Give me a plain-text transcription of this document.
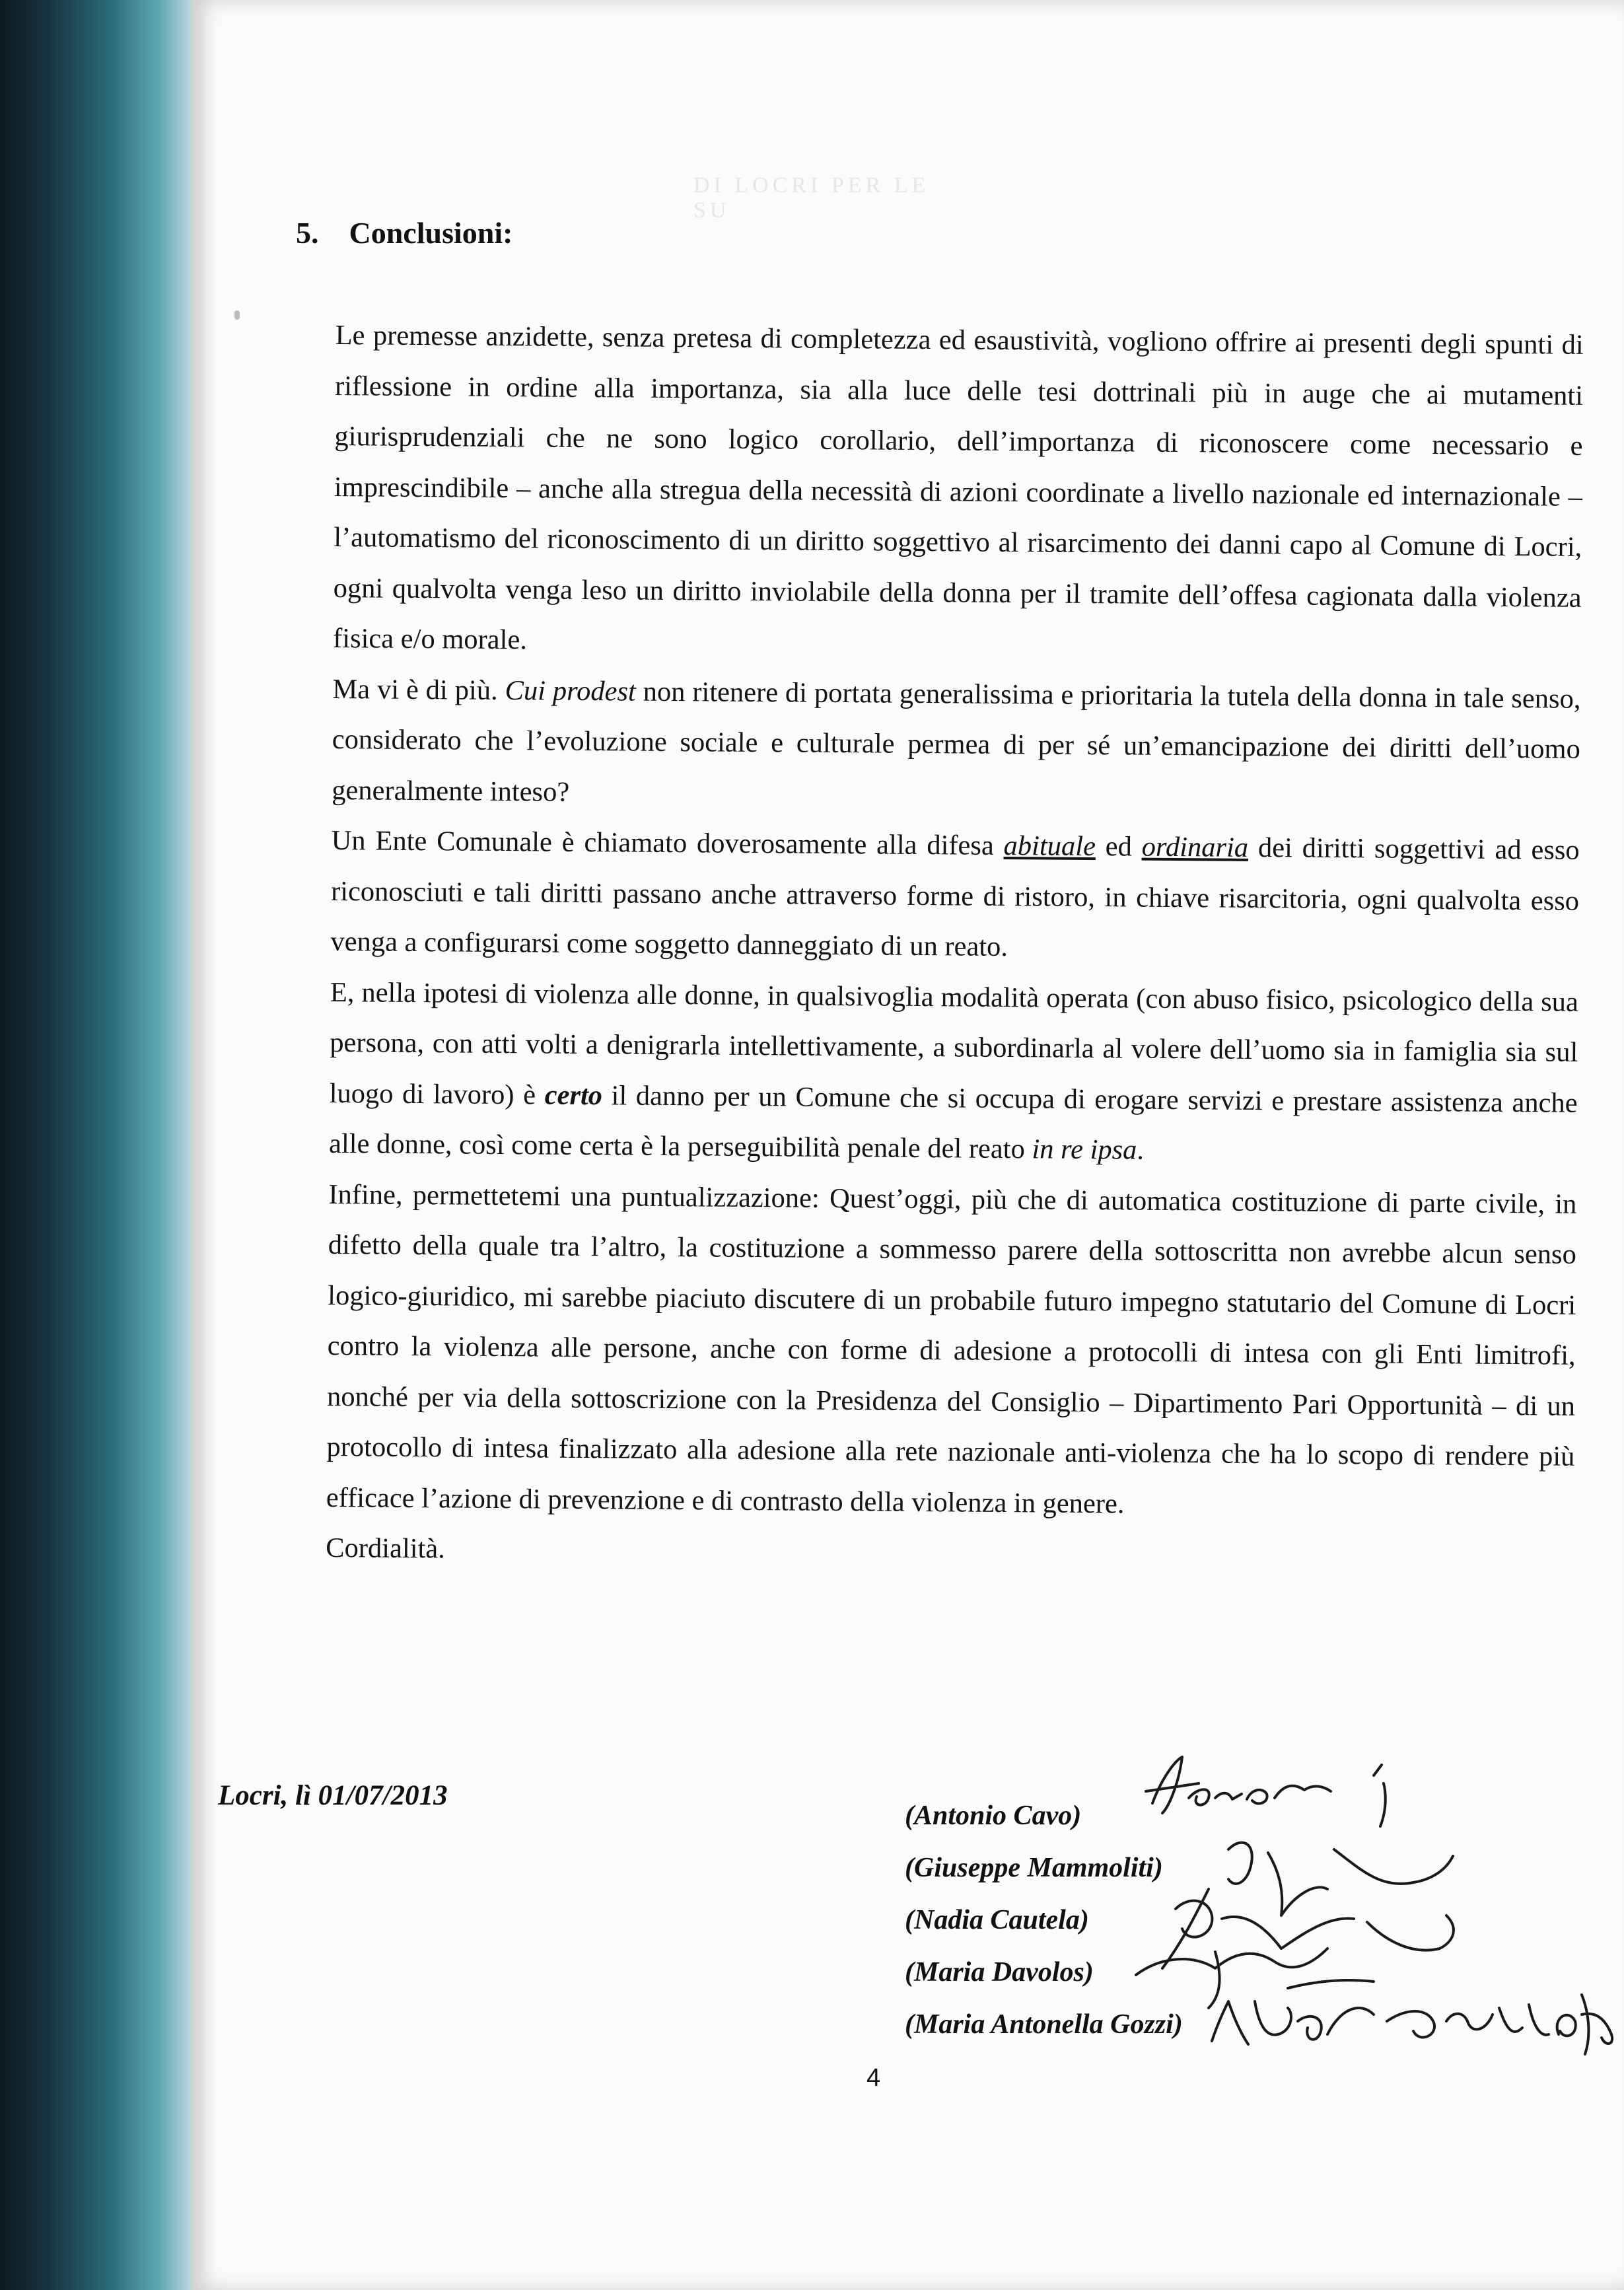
DI LOCRI PER LE SU
5. Conclusioni:

Le premesse anzidette, senza pretesa di completezza ed esaustività, vogliono offrire ai presenti degli spunti di riflessione in ordine alla importanza, sia alla luce delle tesi dottrinali più in auge che ai mutamenti giurisprudenziali che ne sono logico corollario, dell’importanza di riconoscere come necessario e imprescindibile – anche alla stregua della necessità di azioni coordinate a livello nazionale ed internazionale – l’automatismo del riconoscimento di un diritto soggettivo al risarcimento dei danni capo al Comune di Locri, ogni qualvolta venga leso un diritto inviolabile della donna per il tramite dell’offesa cagionata dalla violenza fisica e/o morale.

Ma vi è di più. Cui prodest non ritenere di portata generalissima e prioritaria la tutela della donna in tale senso, considerato che l’evoluzione sociale e culturale permea di per sé un’emancipazione dei diritti dell’uomo generalmente inteso?

Un Ente Comunale è chiamato doverosamente alla difesa abituale ed ordinaria dei diritti soggettivi ad esso riconosciuti e tali diritti passano anche attraverso forme di ristoro, in chiave risarcitoria, ogni qualvolta esso venga a configurarsi come soggetto danneggiato di un reato.

E, nella ipotesi di violenza alle donne, in qualsivoglia modalità operata (con abuso fisico, psicologico della sua persona, con atti volti a denigrarla intellettivamente, a subordinarla al volere dell’uomo sia in famiglia sia sul luogo di lavoro) è certo il danno per un Comune che si occupa di erogare servizi e prestare assistenza anche alle donne, così come certa è la perseguibilità penale del reato in re ipsa.

Infine, permettetemi una puntualizzazione: Quest’oggi, più che di automatica costituzione di parte civile, in difetto della quale tra l’altro, la costituzione a sommesso parere della sottoscritta non avrebbe alcun senso logico-giuridico, mi sarebbe piaciuto discutere di un probabile futuro impegno statutario del Comune di Locri contro la violenza alle persone, anche con forme di adesione a protocolli di intesa con gli Enti limitrofi, nonché per via della sottoscrizione con la Presidenza del Consiglio – Dipartimento Pari Opportunità – di un protocollo di intesa finalizzato alla adesione alla rete nazionale anti-violenza che ha lo scopo di rendere più efficace l’azione di prevenzione e di contrasto della violenza in genere.

Cordialità.

Locri, lì 01/07/2013
(Antonio Cavo)
(Giuseppe Mammoliti)
(Nadia Cautela)
(Maria Davolos)
(Maria Antonella Gozzi)
4
